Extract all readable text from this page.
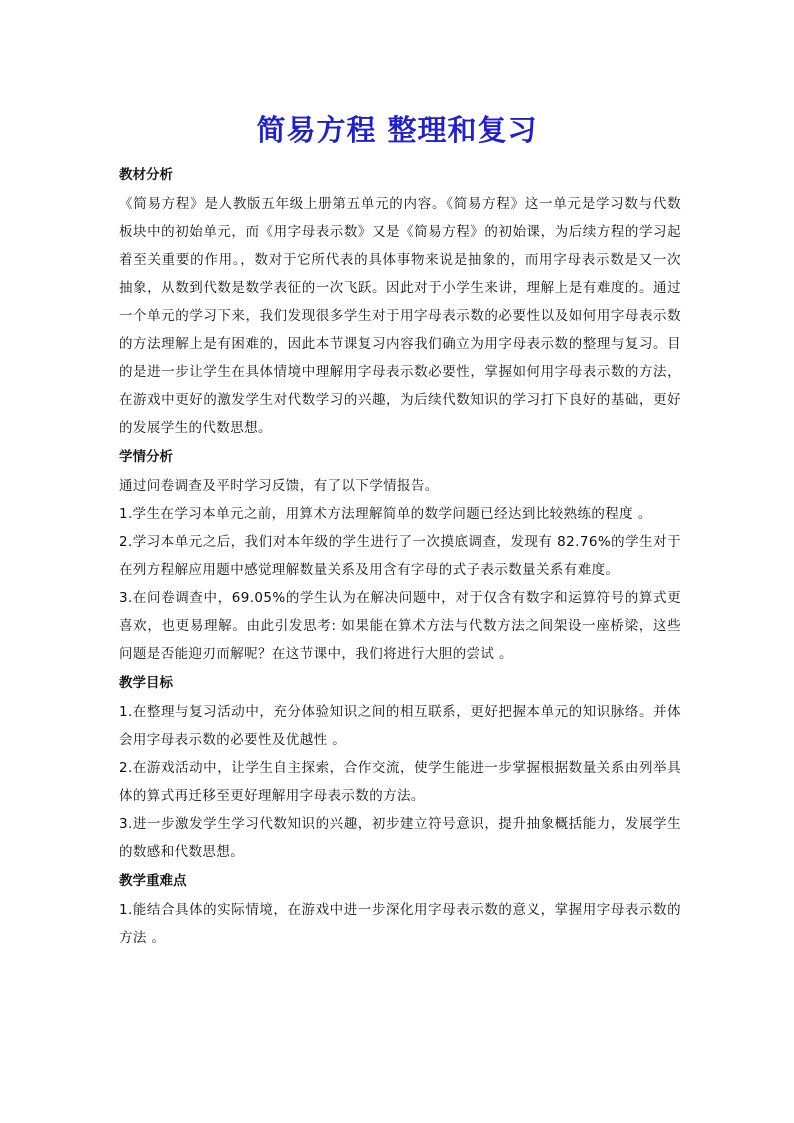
简易方程 整理和复习
教材分析

《简易方程》是人教版五年级上册第五单元的内容。《简易方程》这一单元是学习数与代数板块中的初始单元，而《用字母表示数》又是《简易方程》的初始课，为后续方程的学习起着至关重要的作用。，数对于它所代表的具体事物来说是抽象的，而用字母表示数是又一次抽象，从数到代数是数学表征的一次飞跃。因此对于小学生来讲，理解上是有难度的。通过一个单元的学习下来，我们发现很多学生对于用字母表示数的必要性以及如何用字母表示数的方法理解上是有困难的，因此本节课复习内容我们确立为用字母表示数的整理与复习。目的是进一步让学生在具体情境中理解用字母表示数必要性，掌握如何用字母表示数的方法，在游戏中更好的激发学生对代数学习的兴趣，为后续代数知识的学习打下良好的基础，更好的发展学生的代数思想。

学情分析

通过问卷调查及平时学习反馈，有了以下学情报告。

1.学生在学习本单元之前，用算术方法理解简单的数学问题已经达到比较熟练的程度 。

2.学习本单元之后，我们对本年级的学生进行了一次摸底调查，发现有 82.76%的学生对于在列方程解应用题中感觉理解数量关系及用含有字母的式子表示数量关系有难度。

3.在问卷调查中，69.05%的学生认为在解决问题中，对于仅含有数字和运算符号的算式更喜欢，也更易理解。由此引发思考: 如果能在算术方法与代数方法之间架设一座桥梁，这些问题是否能迎刃而解呢？在这节课中，我们将进行大胆的尝试 。

教学目标

1.在整理与复习活动中，充分体验知识之间的相互联系，更好把握本单元的知识脉络。并体会用字母表示数的必要性及优越性 。

2.在游戏活动中，让学生自主探索，合作交流，使学生能进一步掌握根据数量关系由列举具体的算式再迁移至更好理解用字母表示数的方法。

3.进一步激发学生学习代数知识的兴趣，初步建立符号意识，提升抽象概括能力，发展学生的数感和代数思想。

教学重难点

1.能结合具体的实际情境，在游戏中进一步深化用字母表示数的意义，掌握用字母表示数的方法 。
